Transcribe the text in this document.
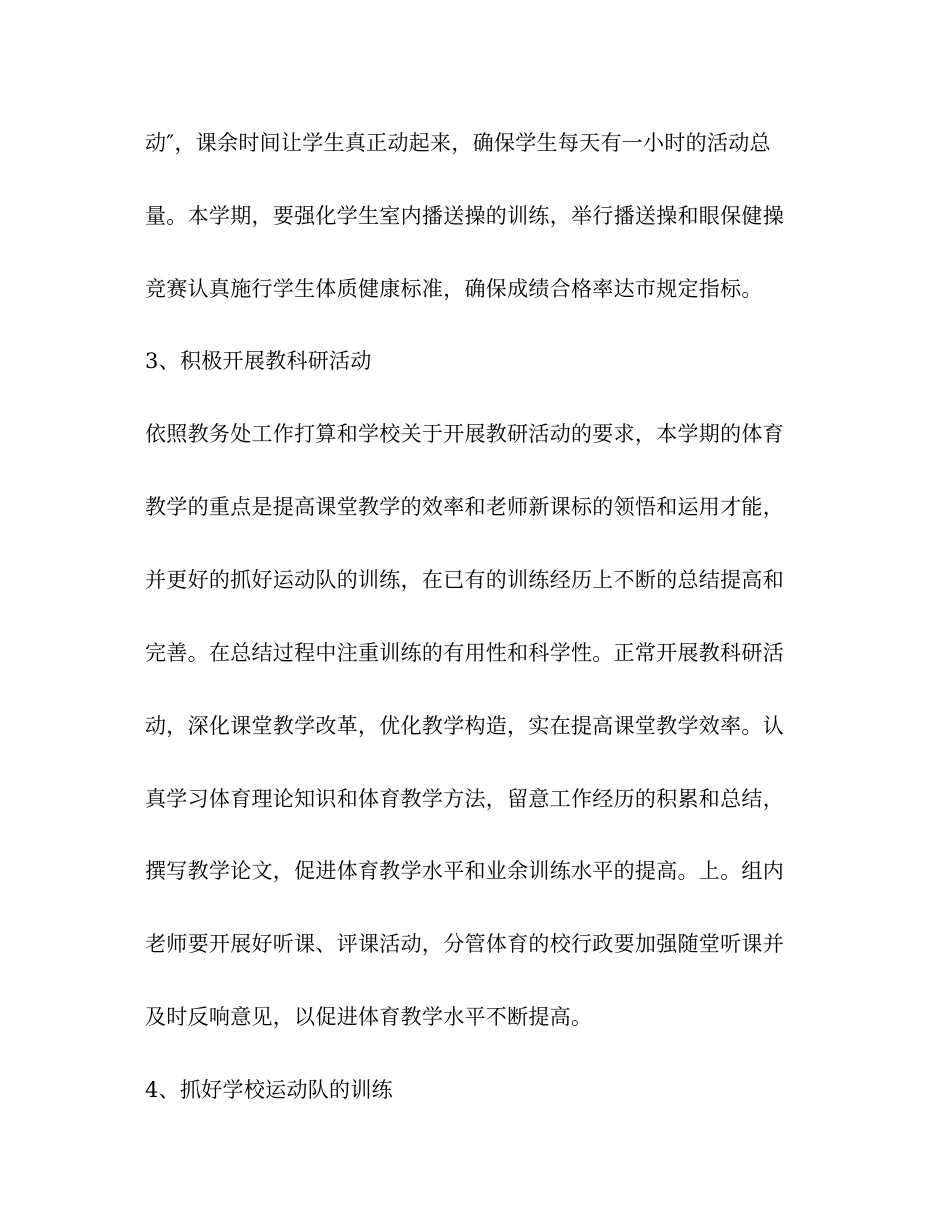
动″，课余时间让学生真正动起来，确保学生每天有一小时的活动总
量。本学期，要强化学生室内播送操的训练，举行播送操和眼保健操
竞赛认真施行学生体质健康标准，确保成绩合格率达市规定指标。
3、积极开展教科研活动
依照教务处工作打算和学校关于开展教研活动的要求，本学期的体育
教学的重点是提高课堂教学的效率和老师新课标的领悟和运用才能，
并更好的抓好运动队的训练，在已有的训练经历上不断的总结提高和
完善。在总结过程中注重训练的有用性和科学性。正常开展教科研活
动，深化课堂教学改革，优化教学构造，实在提高课堂教学效率。认
真学习体育理论知识和体育教学方法，留意工作经历的积累和总结，
撰写教学论文，促进体育教学水平和业余训练水平的提高。上。组内
老师要开展好听课、评课活动，分管体育的校行政要加强随堂听课并
及时反响意见，以促进体育教学水平不断提高。
4、抓好学校运动队的训练
